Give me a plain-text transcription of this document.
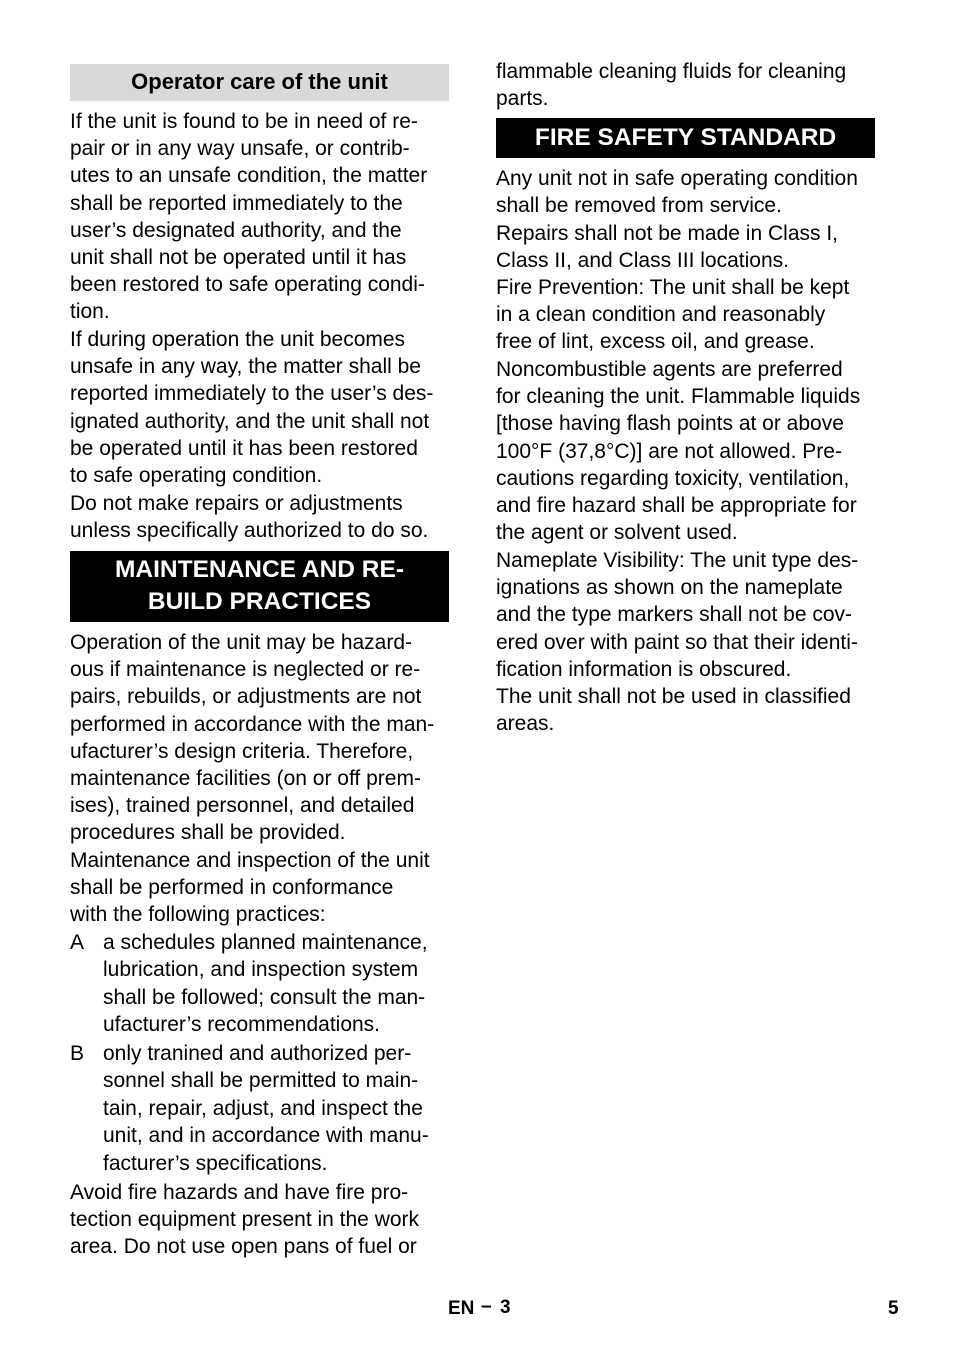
Operator care of the unit

If the unit is found to be in need of re-
pair or in any way unsafe, or contrib-
utes to an unsafe condition, the matter
shall be reported immediately to the
user’s designated authority, and the
unit shall not be operated until it has
been restored to safe operating condi-
tion.

If during operation the unit becomes
unsafe in any way, the matter shall be
reported immediately to the user’s des-
ignated authority, and the unit shall not
be operated until it has been restored
to safe operating condition.

Do not make repairs or adjustments
unless specifically authorized to do so.

MAINTENANCE AND RE-
BUILD PRACTICES

Operation of the unit may be hazard-
ous if maintenance is neglected or re-
pairs, rebuilds, or adjustments are not
performed in accordance with the man-
ufacturer’s design criteria. Therefore,
maintenance facilities (on or off prem-
ises), trained personnel, and detailed
procedures shall be provided.

Maintenance and inspection of the unit
shall be performed in conformance
with the following practices:

A a schedules planned maintenance,
lubrication, and inspection system
shall be followed; consult the man-
ufacturer’s recommendations.
B only tranined and authorized per-
sonnel shall be permitted to main-
tain, repair, adjust, and inspect the
unit, and in accordance with manu-
facturer’s specifications.

Avoid fire hazards and have fire pro-
tection equipment present in the work
area. Do not use open pans of fuel or

flammable cleaning fluids for cleaning
parts.

FIRE SAFETY STANDARD

Any unit not in safe operating condition
shall be removed from service.

Repairs shall not be made in Class I,
Class II, and Class III locations.

Fire Prevention: The unit shall be kept
in a clean condition and reasonably
free of lint, excess oil, and grease.

Noncombustible agents are preferred
for cleaning the unit. Flammable liquids
[those having flash points at or above
100°F (37,8°C)] are not allowed. Pre-
cautions regarding toxicity, ventilation,
and fire hazard shall be appropriate for
the agent or solvent used.

Nameplate Visibility: The unit type des-
ignations as shown on the nameplate
and the type markers shall not be cov-
ered over with paint so that their identi-
fication information is obscured.

The unit shall not be used in classified
areas.

EN – 3	5
